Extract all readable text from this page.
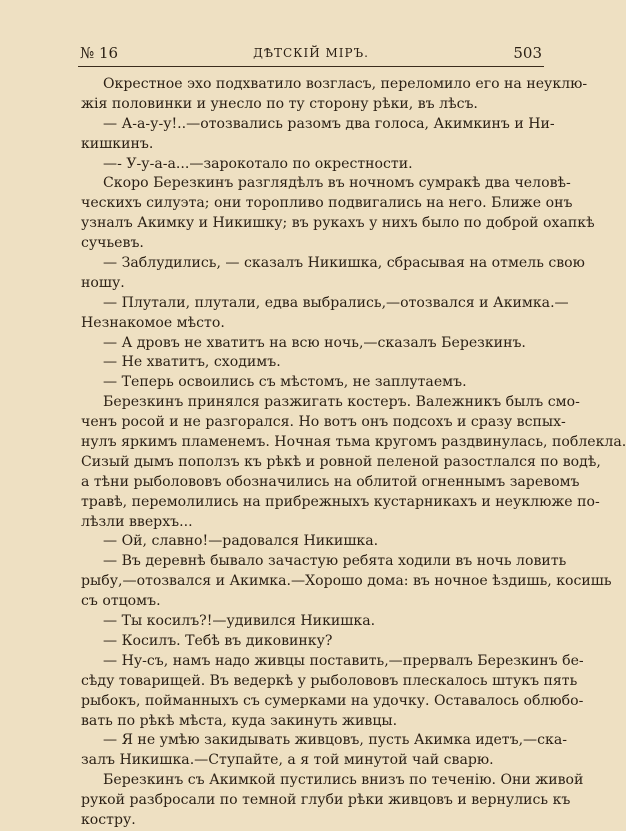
№ 16	ДѢТСКІЙ МІРЪ.	503
Окрестное эхо подхватило возгласъ, переломило его на неуклю-
жія половинки и унесло по ту сторону рѣки, въ лѣсъ.
— А-а-у-у!..—отозвались разомъ два голоса, Акимкинъ и Ни-
кишкинъ.
—- У-у-а-а...—зарокотало по окрестности.
Скоро Березкинъ разглядѣлъ въ ночномъ сумракѣ два человѣ-
ческихъ силуэта; они торопливо подвигались на него. Ближе онъ
узналъ Акимку и Никишку; въ рукахъ у нихъ было по доброй охапкѣ
сучьевъ.
— Заблудились, — сказалъ Никишка, сбрасывая на отмель свою
ношу.
— Плутали, плутали, едва выбрались,—отозвался и Акимка.—
Незнакомое мѣсто.
— А дровъ не хватитъ на всю ночь,—сказалъ Березкинъ.
— Не хватитъ, сходимъ.
— Теперь освоились съ мѣстомъ, не заплутаемъ.
Березкинъ принялся разжигать костеръ. Валежникъ былъ смо-
ченъ росой и не разгорался. Но вотъ онъ подсохъ и сразу вспых-
нулъ яркимъ пламенемъ. Ночная тьма кругомъ раздвинулась, поблекла.
Сизый дымъ поползъ къ рѣкѣ и ровной пеленой разостлался по водѣ,
а тѣни рыболововъ обозначились на облитой огненнымъ заревомъ
травѣ, перемолились на прибрежныхъ кустарникахъ и неуклюже по-
лѣзли вверхъ...
— Ой, славно!—радовался Никишка.
— Въ деревнѣ бывало зачастую ребята ходили въ ночь ловить
рыбу,—отозвался и Акимка.—Хорошо дома: въ ночное ѣздишь, косишь
съ отцомъ.
— Ты косилъ?!—удивился Никишка.
— Косилъ. Тебѣ въ диковинку?
— Ну-съ, намъ надо живцы поставить,—прервалъ Березкинъ бе-
сѣду товарищей. Въ ведеркѣ у рыболововъ плескалось штукъ пять
рыбокъ, пойманныхъ съ сумерками на удочку. Оставалось облюбо-
вать по рѣкѣ мѣста, куда закинуть живцы.
— Я не умѣю закидывать живцовъ, пусть Акимка идетъ,—ска-
залъ Никишка.—Ступайте, а я той минутой чай сварю.
Березкинъ съ Акимкой пустились внизъ по теченію. Они живой
рукой разбросали по темной глуби рѣки живцовъ и вернулись къ
костру.
